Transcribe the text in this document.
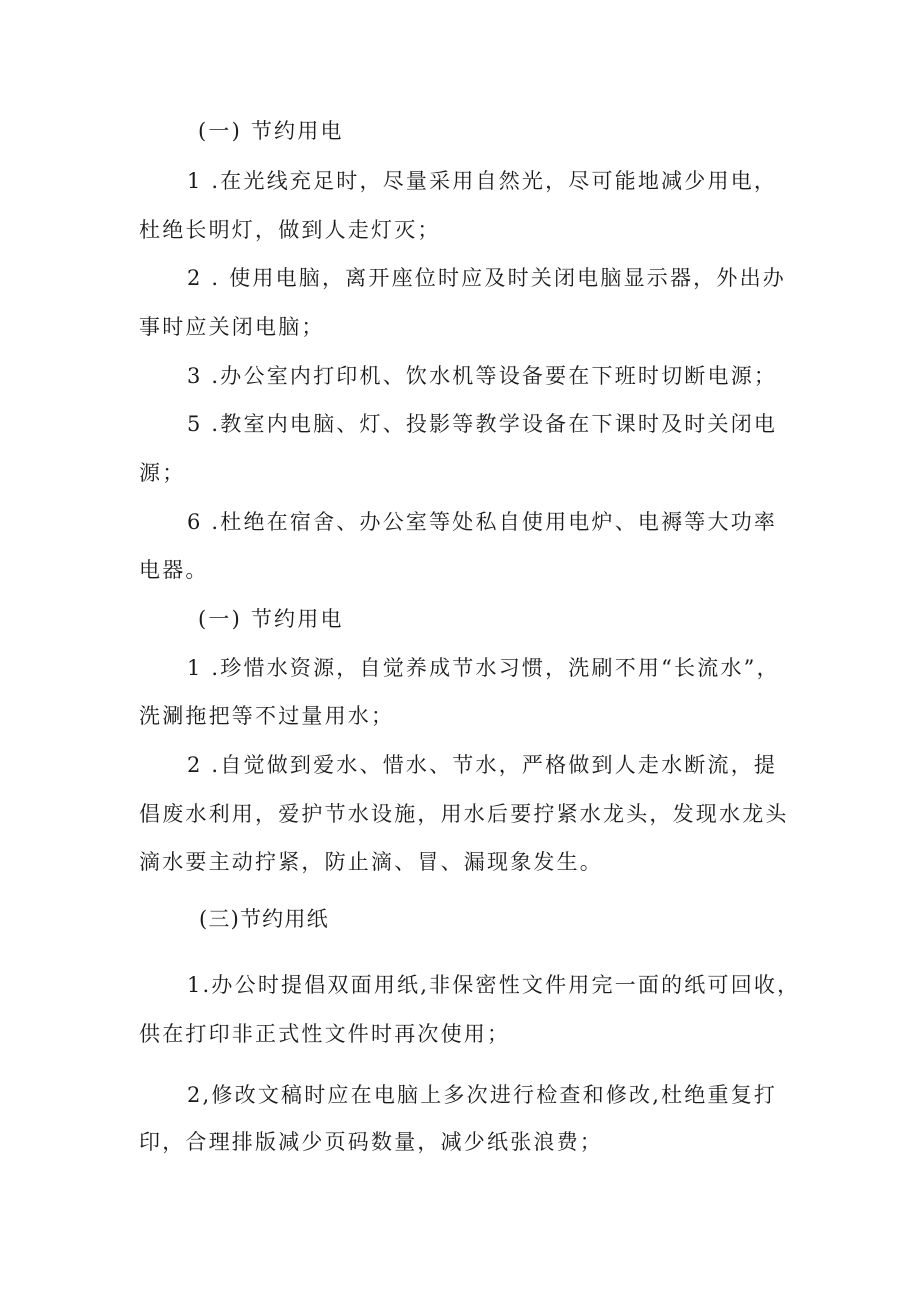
(一) 节约用电
1 .在光线充足时，尽量采用自然光，尽可能地减少用电，
杜绝长明灯，做到人走灯灭；
2 . 使用电脑，离开座位时应及时关闭电脑显示器，外出办
事时应关闭电脑；
3 .办公室内打印机、饮水机等设备要在下班时切断电源；
5 .教室内电脑、灯、投影等教学设备在下课时及时关闭电
源；
6 .杜绝在宿舍、办公室等处私自使用电炉、电褥等大功率
电器。
(一) 节约用电
1 .珍惜水资源，自觉养成节水习惯，洗刷不用“长流水”，
洗涮拖把等不过量用水；
2 .自觉做到爱水、惜水、节水，严格做到人走水断流，提
倡废水利用，爱护节水设施，用水后要拧紧水龙头，发现水龙头
滴水要主动拧紧，防止滴、冒、漏现象发生。
(三)节约用纸
1.办公时提倡双面用纸,非保密性文件用完一面的纸可回收，
供在打印非正式性文件时再次使用；
2,修改文稿时应在电脑上多次进行检查和修改,杜绝重复打
印，合理排版减少页码数量，减少纸张浪费；
